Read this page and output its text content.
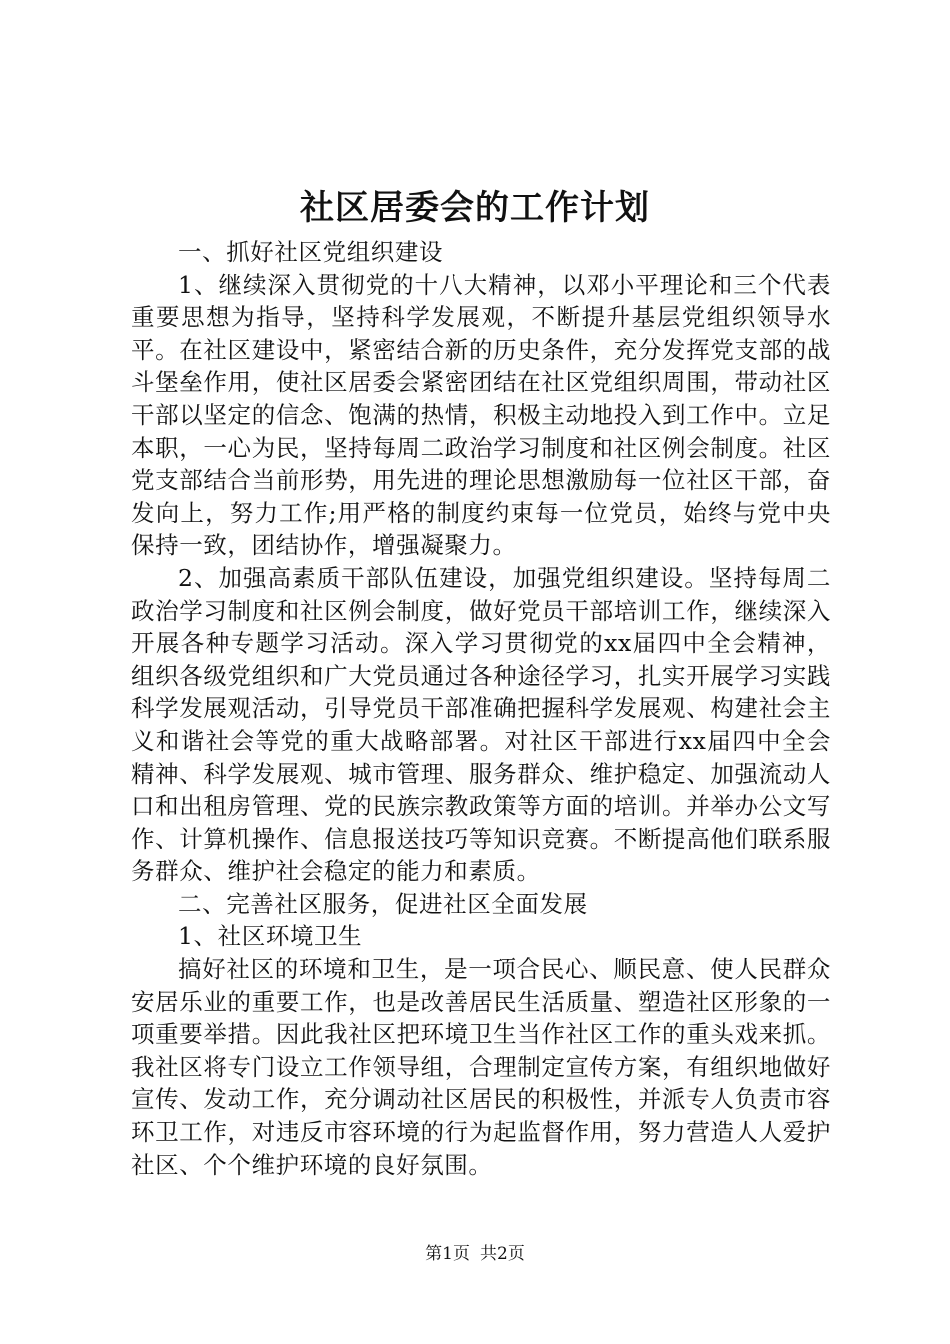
社区居委会的工作计划

一、抓好社区党组织建设

1、继续深入贯彻党的十八大精神，以邓小平理论和三个代表重要思想为指导，坚持科学发展观，不断提升基层党组织领导水平。在社区建设中，紧密结合新的历史条件，充分发挥党支部的战斗堡垒作用，使社区居委会紧密团结在社区党组织周围，带动社区干部以坚定的信念、饱满的热情，积极主动地投入到工作中。立足本职，一心为民，坚持每周二政治学习制度和社区例会制度。社区党支部结合当前形势，用先进的理论思想激励每一位社区干部，奋发向上，努力工作;用严格的制度约束每一位党员，始终与党中央保持一致，团结协作，增强凝聚力。

2、加强高素质干部队伍建设，加强党组织建设。坚持每周二政治学习制度和社区例会制度，做好党员干部培训工作，继续深入开展各种专题学习活动。深入学习贯彻党的xx届四中全会精神，组织各级党组织和广大党员通过各种途径学习，扎实开展学习实践科学发展观活动，引导党员干部准确把握科学发展观、构建社会主义和谐社会等党的重大战略部署。对社区干部进行xx届四中全会精神、科学发展观、城市管理、服务群众、维护稳定、加强流动人口和出租房管理、党的民族宗教政策等方面的培训。并举办公文写作、计算机操作、信息报送技巧等知识竞赛。不断提高他们联系服务群众、维护社会稳定的能力和素质。

二、完善社区服务，促进社区全面发展

1、社区环境卫生

搞好社区的环境和卫生，是一项合民心、顺民意、使人民群众安居乐业的重要工作，也是改善居民生活质量、塑造社区形象的一项重要举措。因此我社区把环境卫生当作社区工作的重头戏来抓。我社区将专门设立工作领导组，合理制定宣传方案，有组织地做好宣传、发动工作，充分调动社区居民的积极性，并派专人负责市容环卫工作，对违反市容环境的行为起监督作用，努力营造人人爱护社区、个个维护环境的良好氛围。

第1页 共2页
